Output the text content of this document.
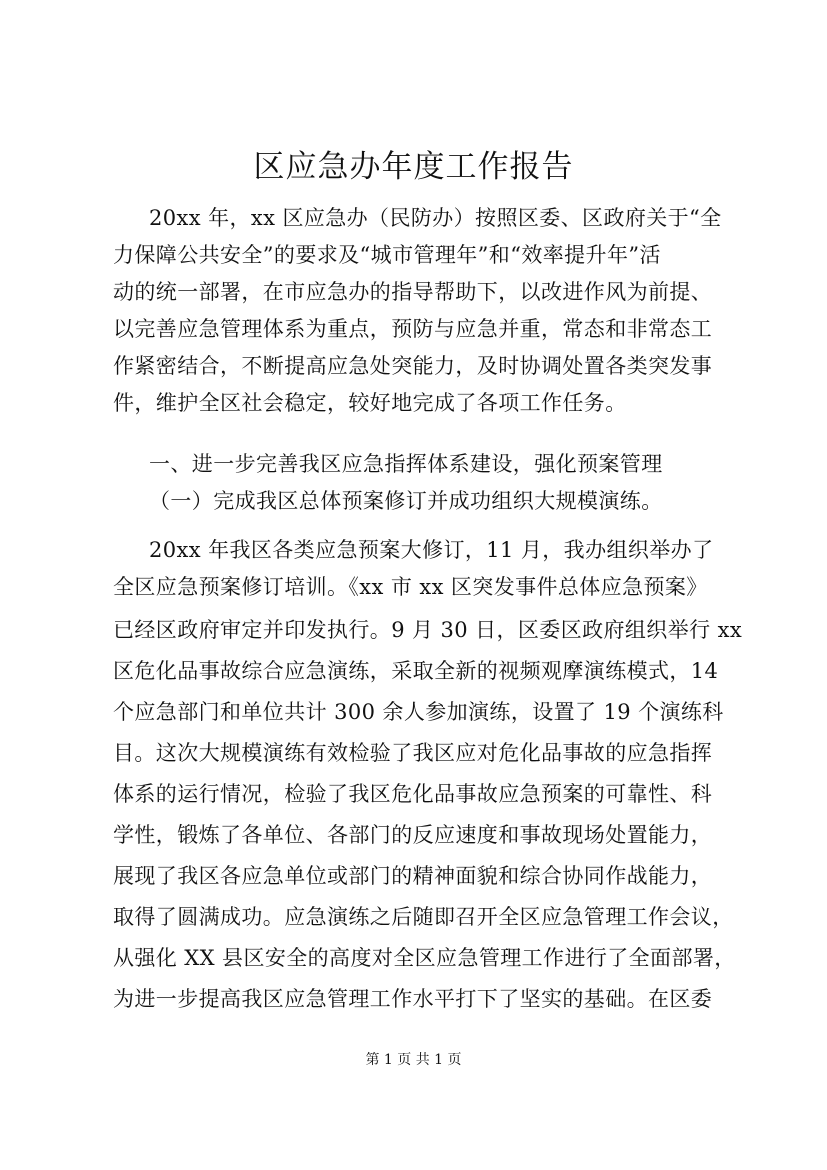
区应急办年度工作报告
20xx 年，xx 区应急办（民防办）按照区委、区政府关于“全
力保障公共安全”的要求及“城市管理年”和“效率提升年”活
动的统一部署，在市应急办的指导帮助下，以改进作风为前提、
以完善应急管理体系为重点，预防与应急并重，常态和非常态工
作紧密结合，不断提高应急处突能力，及时协调处置各类突发事
件，维护全区社会稳定，较好地完成了各项工作任务。
一、进一步完善我区应急指挥体系建设，强化预案管理
（一）完成我区总体预案修订并成功组织大规模演练。
20xx 年我区各类应急预案大修订，11 月，我办组织举办了
全区应急预案修订培训。《xx 市 xx 区突发事件总体应急预案》
已经区政府审定并印发执行。9 月 30 日，区委区政府组织举行 xx
区危化品事故综合应急演练，采取全新的视频观摩演练模式，14
个应急部门和单位共计 300 余人参加演练，设置了 19 个演练科
目。这次大规模演练有效检验了我区应对危化品事故的应急指挥
体系的运行情况，检验了我区危化品事故应急预案的可靠性、科
学性，锻炼了各单位、各部门的反应速度和事故现场处置能力，
展现了我区各应急单位或部门的精神面貌和综合协同作战能力，
取得了圆满成功。应急演练之后随即召开全区应急管理工作会议，
从强化 XX 县区安全的高度对全区应急管理工作进行了全面部署，
为进一步提高我区应急管理工作水平打下了坚实的基础。在区委
第 1 页 共 1 页
